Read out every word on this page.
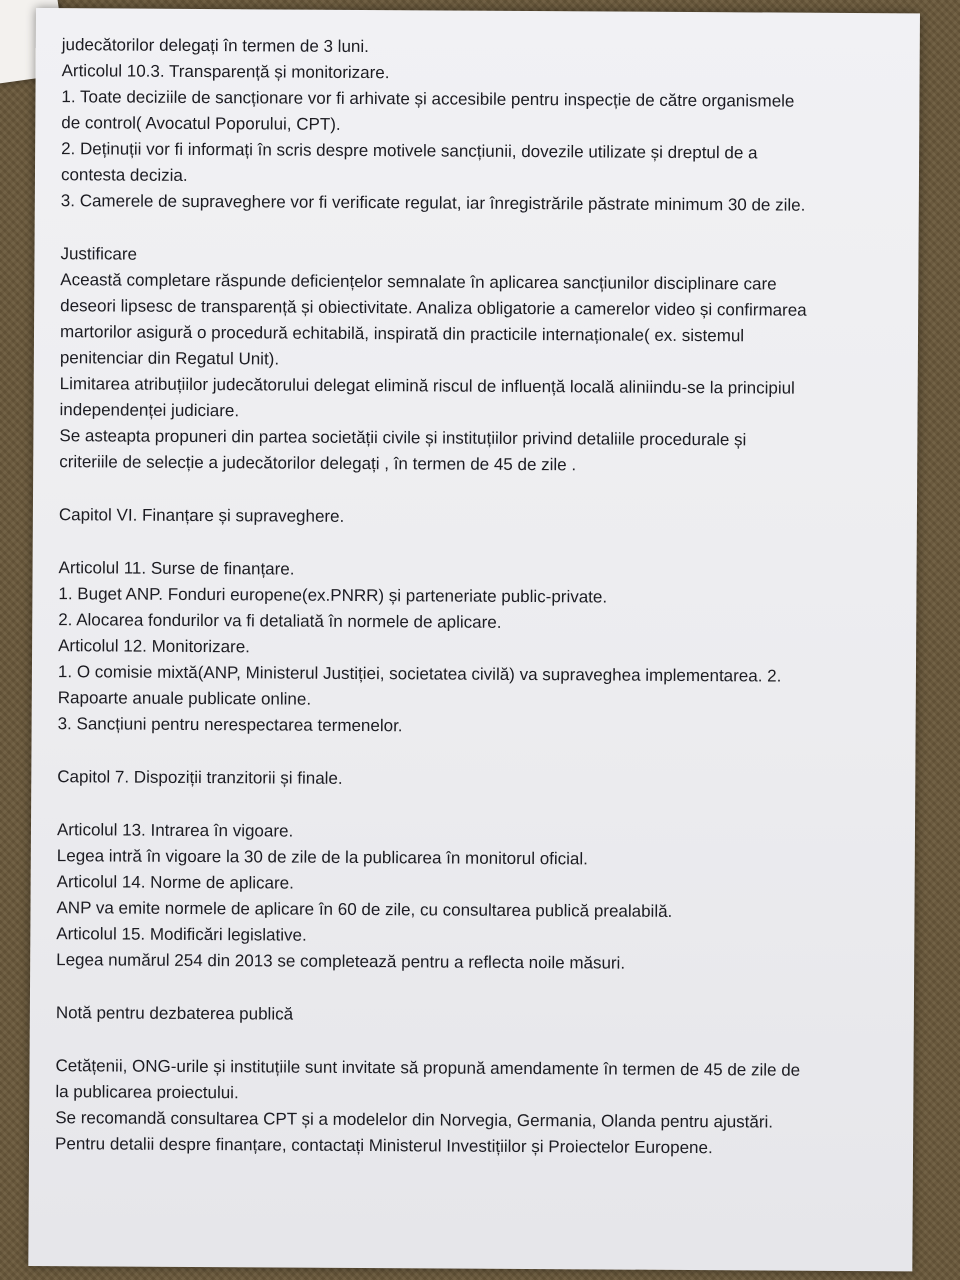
judecătorilor delegați în termen de 3 luni.
Articolul 10.3. Transparență și monitorizare.
1. Toate deciziile de sancționare vor fi arhivate și accesibile pentru inspecție de către organismele
de control( Avocatul Poporului, CPT).
2. Deținuții vor fi informați în scris despre motivele sancțiunii, dovezile utilizate și dreptul de a
contesta decizia.
3. Camerele de supraveghere vor fi verificate regulat, iar înregistrările păstrate minimum 30 de zile.
Justificare
Această completare răspunde deficiențelor semnalate în aplicarea sancțiunilor disciplinare care
deseori lipsesc de transparență și obiectivitate. Analiza obligatorie a camerelor video și confirmarea
martorilor asigură o procedură echitabilă, inspirată din practicile internaționale( ex. sistemul
penitenciar din Regatul Unit).
Limitarea atribuțiilor judecătorului delegat elimină riscul de influență locală aliniindu-se la principiul
independenței judiciare.
Se asteapta propuneri din partea societății civile și instituțiilor privind detaliile procedurale și
criteriile de selecție a judecătorilor delegați , în termen de 45 de zile .
Capitol VI. Finanțare și supraveghere.
Articolul 11. Surse de finanțare.
1. Buget ANP. Fonduri europene(ex.PNRR) și parteneriate public-private.
2. Alocarea fondurilor va fi detaliată în normele de aplicare.
Articolul 12. Monitorizare.
1. O comisie mixtă(ANP, Ministerul Justiției, societatea civilă) va supraveghea implementarea. 2.
Rapoarte anuale publicate online.
3. Sancțiuni pentru nerespectarea termenelor.
Capitol 7. Dispoziții tranzitorii și finale.
Articolul 13. Intrarea în vigoare.
Legea intră în vigoare la 30 de zile de la publicarea în monitorul oficial.
Articolul 14. Norme de aplicare.
ANP va emite normele de aplicare în 60 de zile, cu consultarea publică prealabilă.
Articolul 15. Modificări legislative.
Legea numărul 254 din 2013 se completează pentru a reflecta noile măsuri.
Notă pentru dezbaterea publică
Cetățenii, ONG-urile și instituțiile sunt invitate să propună amendamente în termen de 45 de zile de
la publicarea proiectului.
Se recomandă consultarea CPT și a modelelor din Norvegia, Germania, Olanda pentru ajustări.
Pentru detalii despre finanțare, contactați Ministerul Investițiilor și Proiectelor Europene.
